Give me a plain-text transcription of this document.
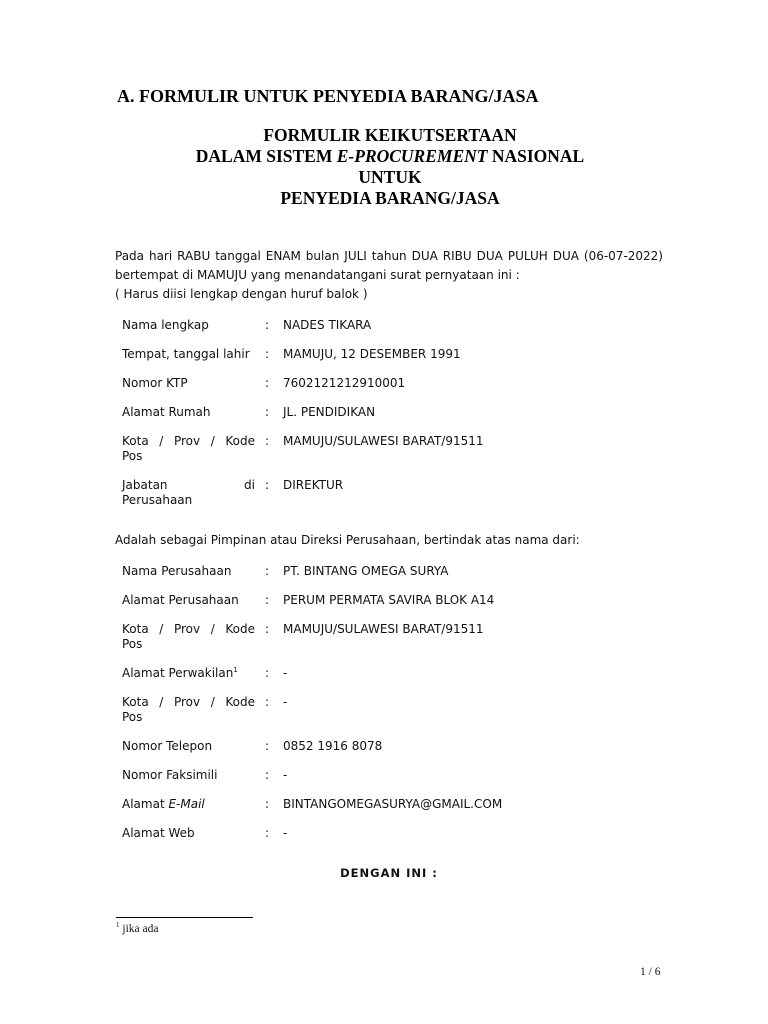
A. FORMULIR UNTUK PENYEDIA BARANG/JASA
FORMULIR KEIKUTSERTAAN
DALAM SISTEM E-PROCUREMENT NASIONAL
UNTUK
PENYEDIA BARANG/JASA
Pada hari RABU tanggal ENAM bulan JULI tahun DUA RIBU DUA PULUH DUA (06-07-2022) bertempat di MAMUJU yang menandatangani surat pernyataan ini :
( Harus diisi lengkap dengan huruf balok )
Nama lengkap	:	NADES TIKARA
Tempat, tanggal lahir	:	MAMUJU, 12 DESEMBER 1991
Nomor KTP	:	7602121212910001
Alamat Rumah	:	JL. PENDIDIKAN
Kota / Prov / Kode
Pos	:	MAMUJU/SULAWESI BARAT/91511
Jabatan di
Perusahaan	:	DIREKTUR
Adalah sebagai Pimpinan atau Direksi Perusahaan, bertindak atas nama dari:
Nama Perusahaan	:	PT. BINTANG OMEGA SURYA
Alamat Perusahaan	:	PERUM PERMATA SAVIRA BLOK A14
Kota / Prov / Kode
Pos	:	MAMUJU/SULAWESI BARAT/91511
Alamat Perwakilan$^1$	:	-
Kota / Prov / Kode
Pos	:	-
Nomor Telepon	:	0852 1916 8078
Nomor Faksimili	:	-
Alamat E-Mail	:	BINTANGOMEGASURYA@GMAIL.COM
Alamat Web	:	-
DENGAN INI :
$^1$ jika ada
1 / 6
